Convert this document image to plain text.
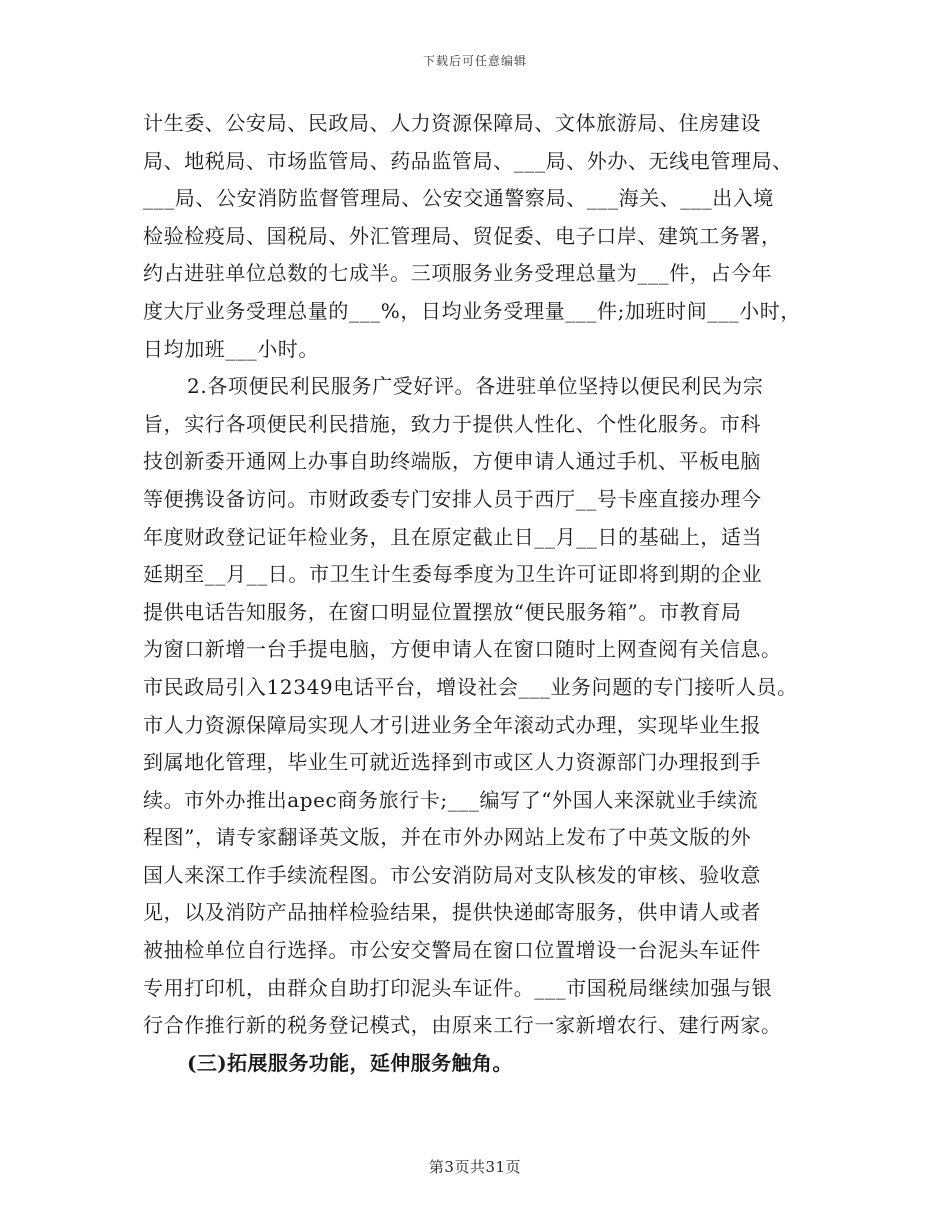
下载后可任意编辑
计生委、公安局、民政局、人力资源保障局、文体旅游局、住房建设
局、地税局、市场监管局、药品监管局、___局、外办、无线电管理局、
___局、公安消防监督管理局、公安交通警察局、___海关、___出入境
检验检疫局、国税局、外汇管理局、贸促委、电子口岸、建筑工务署，
约占进驻单位总数的七成半。三项服务业务受理总量为___件，占今年
度大厅业务受理总量的___%，日均业务受理量___件;加班时间___小时，
日均加班___小时。
2.各项便民利民服务广受好评。各进驻单位坚持以便民利民为宗
旨，实行各项便民利民措施，致力于提供人性化、个性化服务。市科
技创新委开通网上办事自助终端版，方便申请人通过手机、平板电脑
等便携设备访问。市财政委专门安排人员于西厅__号卡座直接办理今
年度财政登记证年检业务，且在原定截止日__月__日的基础上，适当
延期至__月__日。市卫生计生委每季度为卫生许可证即将到期的企业
提供电话告知服务，在窗口明显位置摆放“便民服务箱”。市教育局
为窗口新增一台手提电脑，方便申请人在窗口随时上网查阅有关信息。
市民政局引入12349电话平台，增设社会___业务问题的专门接听人员。
市人力资源保障局实现人才引进业务全年滚动式办理，实现毕业生报
到属地化管理，毕业生可就近选择到市或区人力资源部门办理报到手
续。市外办推出apec商务旅行卡;___编写了“外国人来深就业手续流
程图”，请专家翻译英文版，并在市外办网站上发布了中英文版的外
国人来深工作手续流程图。市公安消防局对支队核发的审核、验收意
见，以及消防产品抽样检验结果，提供快递邮寄服务，供申请人或者
被抽检单位自行选择。市公安交警局在窗口位置增设一台泥头车证件
专用打印机，由群众自助打印泥头车证件。___市国税局继续加强与银
行合作推行新的税务登记模式，由原来工行一家新增农行、建行两家。
(三)拓展服务功能，延伸服务触角。
第3页共31页
